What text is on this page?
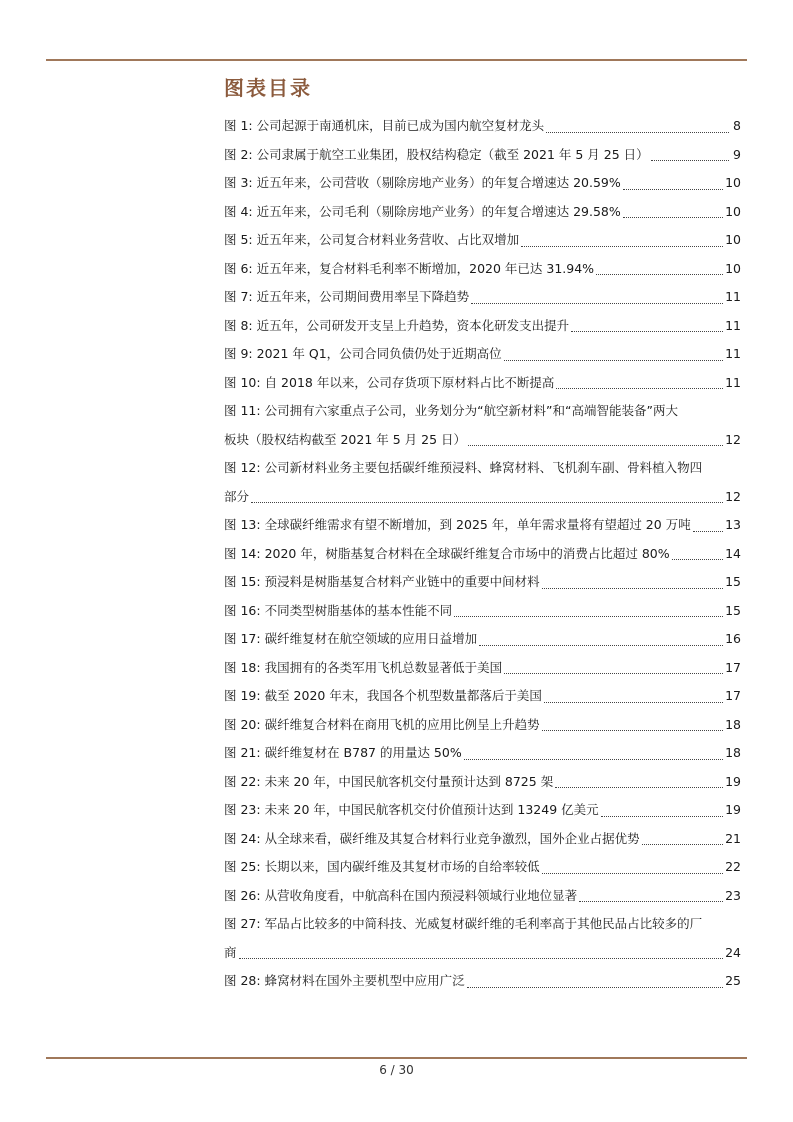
图表目录
图 1:
公司起源于南通机床，目前已成为国内航空复材龙头	8
图 2:
公司隶属于航空工业集团，股权结构稳定（截至 2021 年 5 月 25 日）	9
图 3:
近五年来，公司营收（剔除房地产业务）的年复合增速达 20.59%	10
图 4:
近五年来，公司毛利（剔除房地产业务）的年复合增速达 29.58%	10
图 5:
近五年来，公司复合材料业务营收、占比双增加	10
图 6:
近五年来，复合材料毛利率不断增加，2020 年已达 31.94%	10
图 7:
近五年来，公司期间费用率呈下降趋势	11
图 8:
近五年，公司研发开支呈上升趋势，资本化研发支出提升	11
图 9:
2021 年 Q1，公司合同负债仍处于近期高位	11
图 10:
自 2018 年以来，公司存货项下原材料占比不断提高	11
图 11: 公司拥有六家重点子公司，业务划分为“航空新材料”和“高端智能装备”两大
板块（股权结构截至 2021 年 5 月 25 日）	12
图 12: 公司新材料业务主要包括碳纤维预浸料、蜂窝材料、飞机刹车副、骨料植入物四
部分	12
图 13:
全球碳纤维需求有望不断增加，到 2025 年，单年需求量将有望超过 20 万吨	13
图 14:
2020 年，树脂基复合材料在全球碳纤维复合市场中的消费占比超过 80%	14
图 15:
预浸料是树脂基复合材料产业链中的重要中间材料	15
图 16:
不同类型树脂基体的基本性能不同	15
图 17:
碳纤维复材在航空领域的应用日益增加	16
图 18:
我国拥有的各类军用飞机总数显著低于美国	17
图 19:
截至 2020 年末，我国各个机型数量都落后于美国	17
图 20:
碳纤维复合材料在商用飞机的应用比例呈上升趋势	18
图 21:
碳纤维复材在 B787 的用量达 50%	18
图 22:
未来 20 年，中国民航客机交付量预计达到 8725 架	19
图 23:
未来 20 年，中国民航客机交付价值预计达到 13249 亿美元	19
图 24:
从全球来看，碳纤维及其复合材料行业竞争激烈，国外企业占据优势	21
图 25:
长期以来，国内碳纤维及其复材市场的自给率较低	22
图 26:
从营收角度看，中航高科在国内预浸料领域行业地位显著	23
图 27: 军品占比较多的中简科技、光威复材碳纤维的毛利率高于其他民品占比较多的厂
商	24
图 28:
蜂窝材料在国外主要机型中应用广泛	25
6 / 30
